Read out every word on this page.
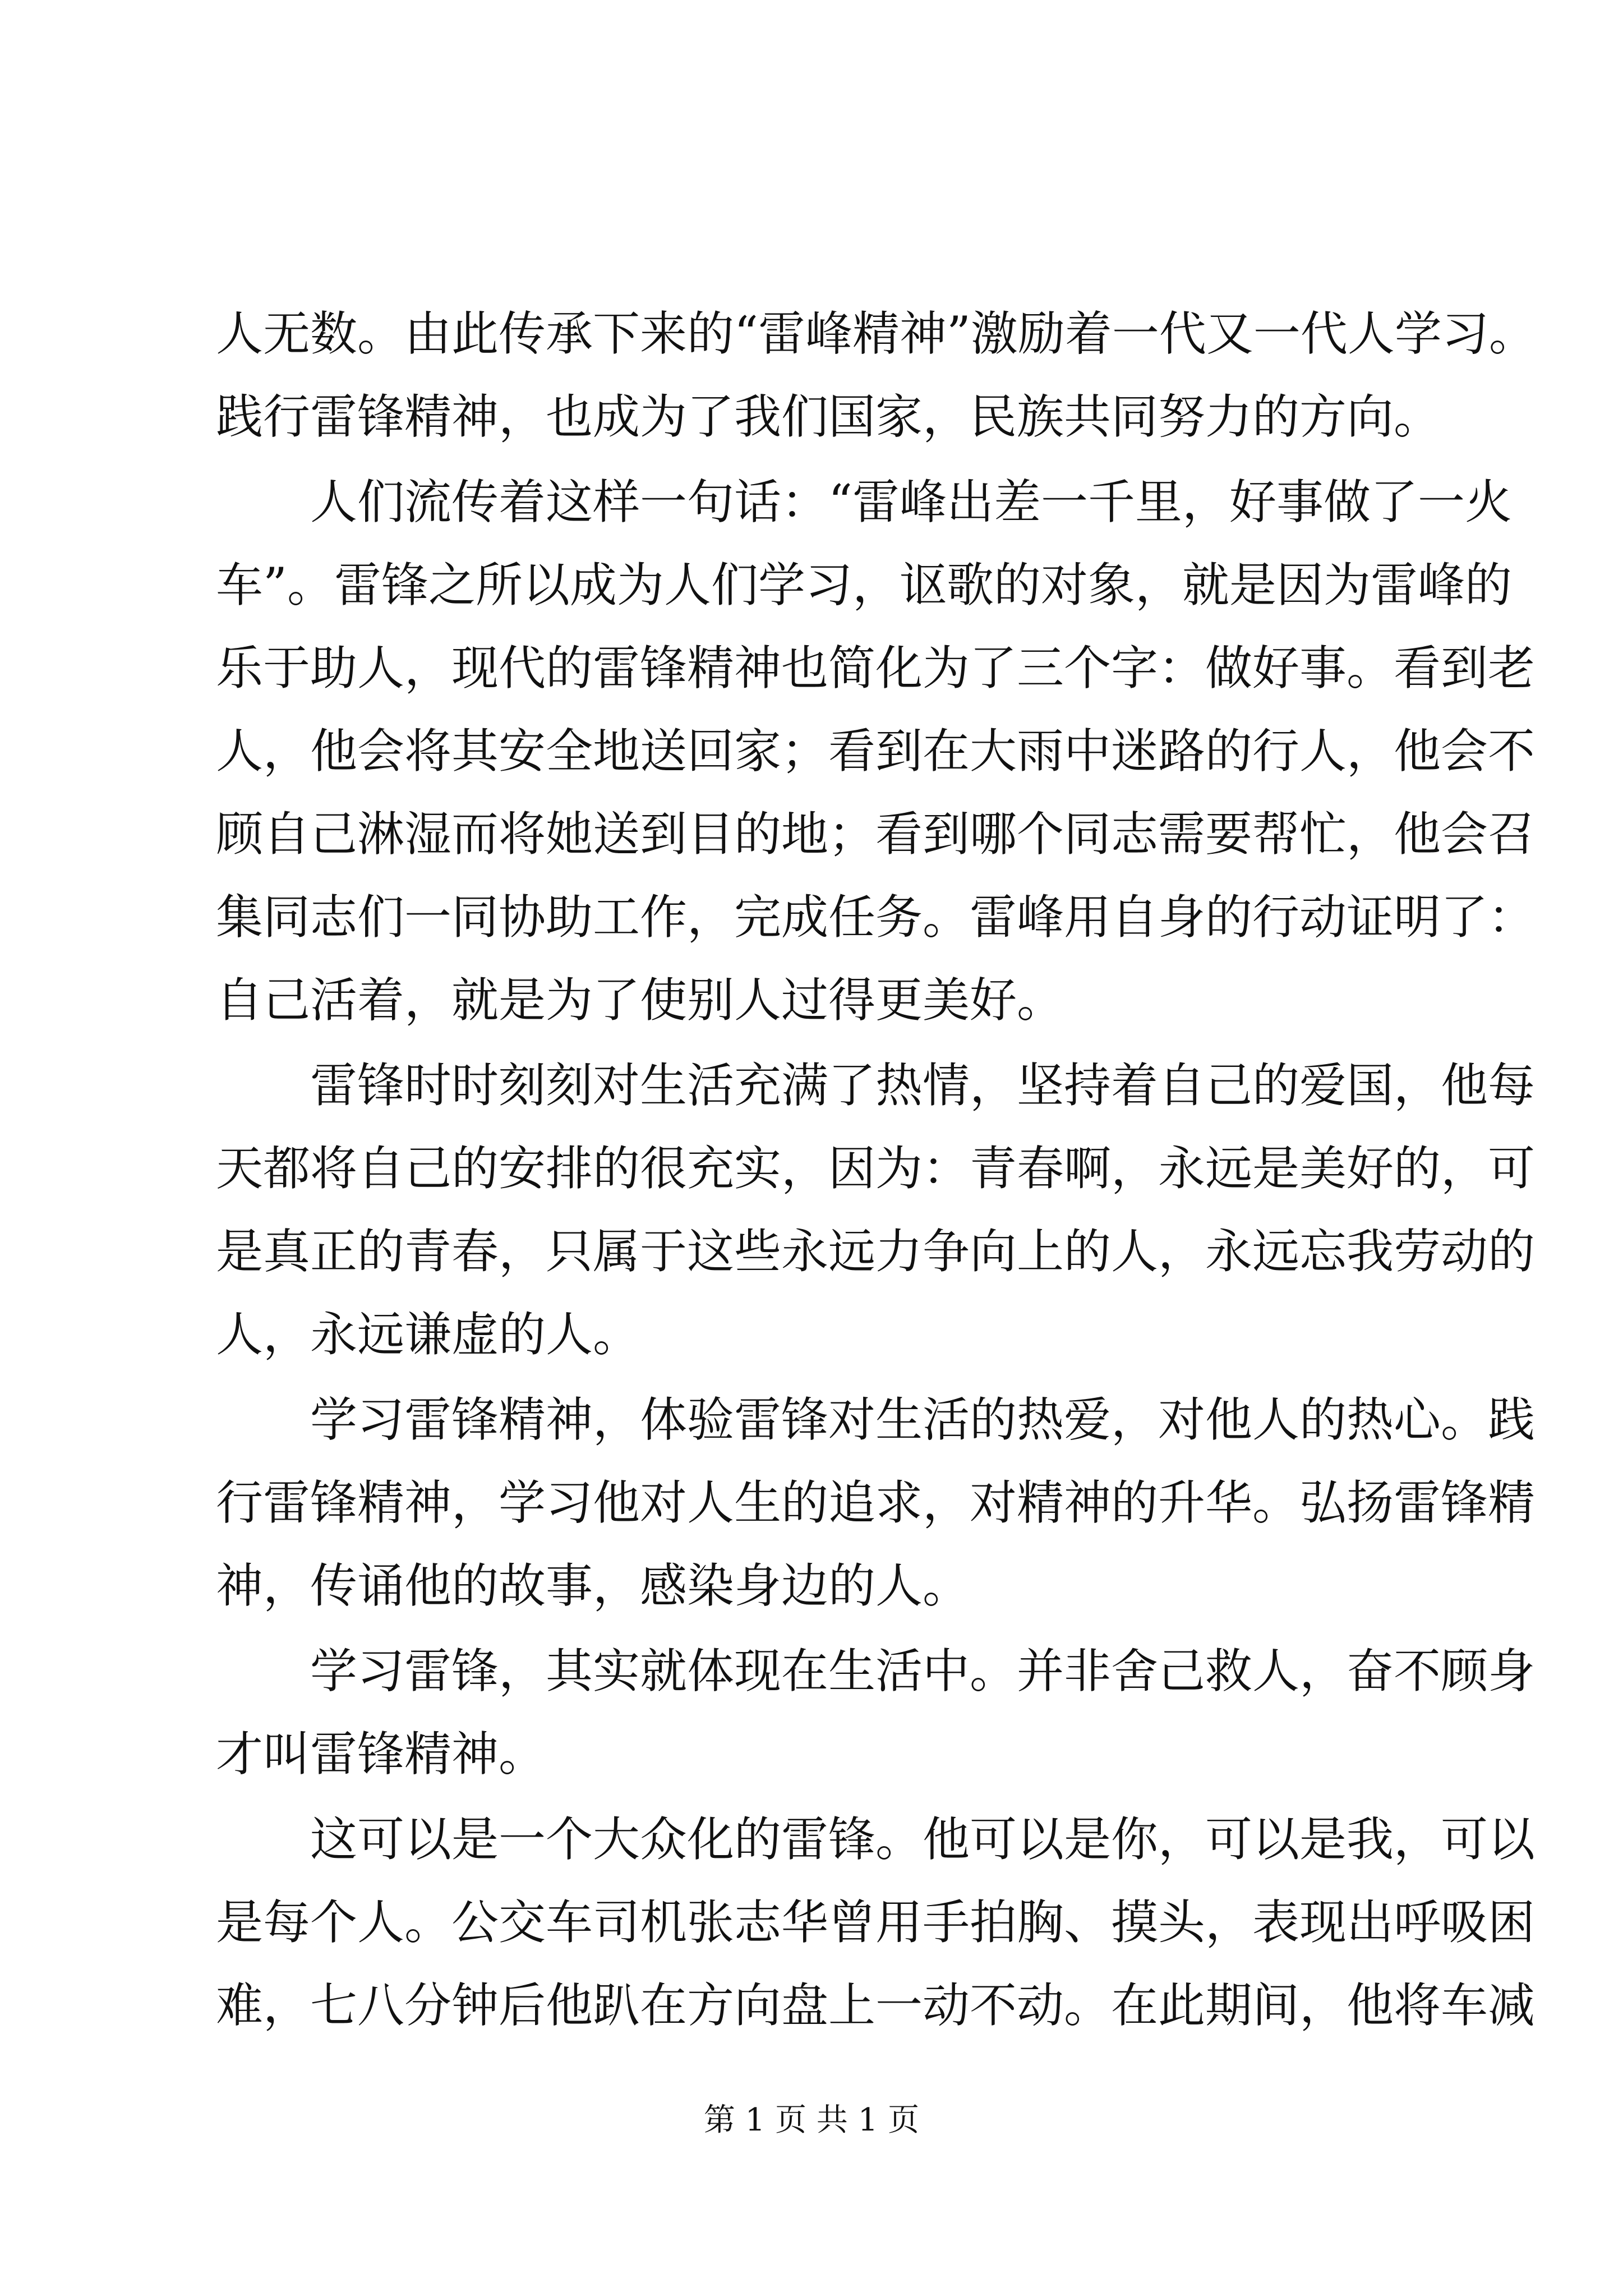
人无数。由此传承下来的“雷峰精神”激励着一代又一代人学习。
践行雷锋精神，也成为了我们国家，民族共同努力的方向。
人们流传着这样一句话：“雷峰出差一千里，好事做了一火
车”。雷锋之所以成为人们学习，讴歌的对象，就是因为雷峰的
乐于助人，现代的雷锋精神也简化为了三个字：做好事。看到老
人，他会将其安全地送回家；看到在大雨中迷路的行人，他会不
顾自己淋湿而将她送到目的地；看到哪个同志需要帮忙，他会召
集同志们一同协助工作，完成任务。雷峰用自身的行动证明了：
自己活着，就是为了使别人过得更美好。
雷锋时时刻刻对生活充满了热情，坚持着自己的爱国，他每
天都将自己的安排的很充实，因为：青春啊，永远是美好的，可
是真正的青春，只属于这些永远力争向上的人，永远忘我劳动的
人，永远谦虚的人。
学习雷锋精神，体验雷锋对生活的热爱，对他人的热心。践
行雷锋精神，学习他对人生的追求，对精神的升华。弘扬雷锋精
神，传诵他的故事，感染身边的人。
学习雷锋，其实就体现在生活中。并非舍己救人，奋不顾身
才叫雷锋精神。
这可以是一个大众化的雷锋。他可以是你，可以是我，可以
是每个人。公交车司机张志华曾用手拍胸、摸头，表现出呼吸困
难，七八分钟后他趴在方向盘上一动不动。在此期间，他将车减
第 1 页 共 1 页
